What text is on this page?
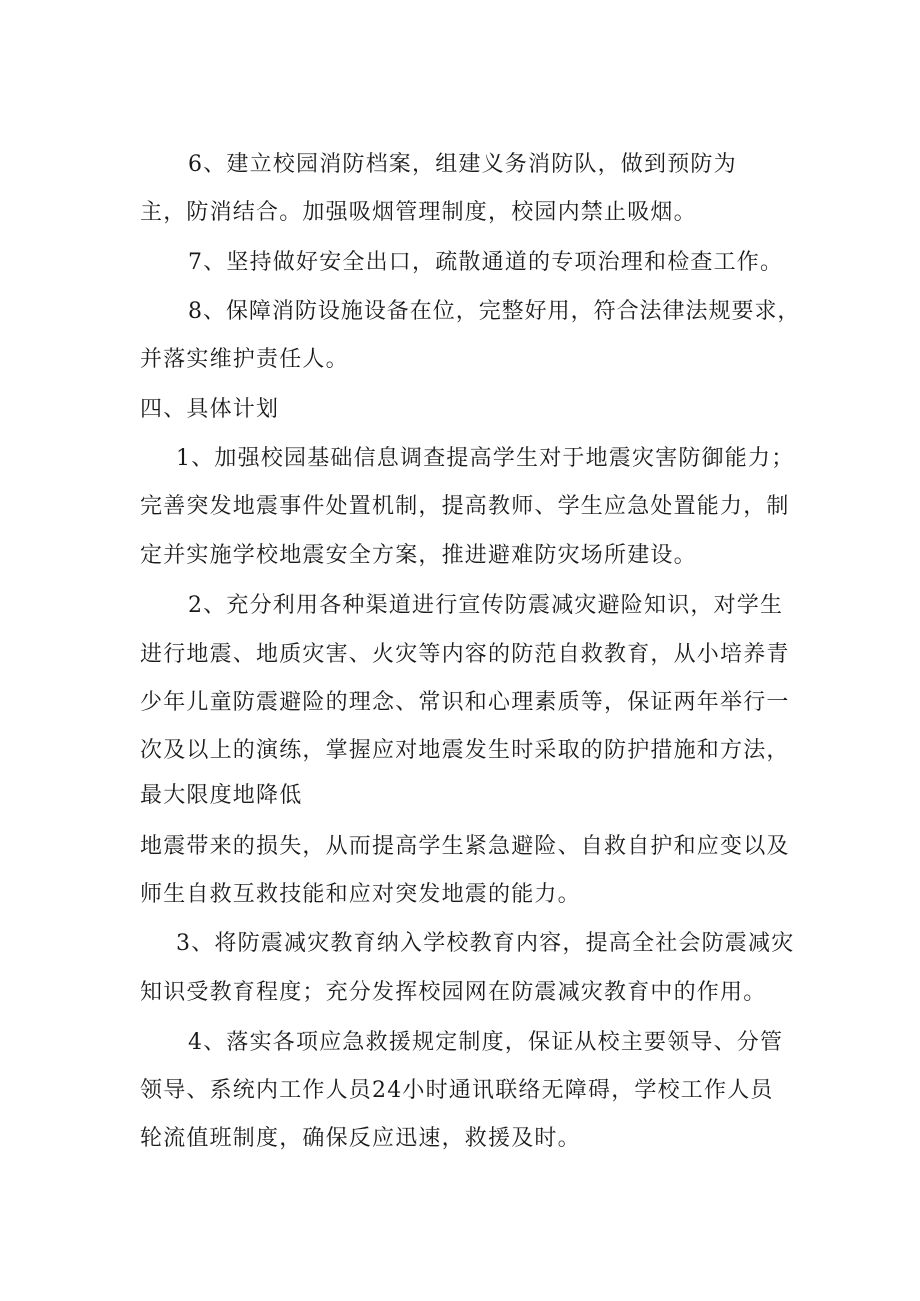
6、建立校园消防档案，组建义务消防队，做到预防为
主，防消结合。加强吸烟管理制度，校园内禁止吸烟。
7、坚持做好安全出口，疏散通道的专项治理和检查工作。
8、保障消防设施设备在位，完整好用，符合法律法规要求，
并落实维护责任人。
四、具体计划
1、加强校园基础信息调查提高学生对于地震灾害防御能力；
完善突发地震事件处置机制，提高教师、学生应急处置能力，制
定并实施学校地震安全方案，推进避难防灾场所建设。
2、充分利用各种渠道进行宣传防震减灾避险知识，对学生
进行地震、地质灾害、火灾等内容的防范自救教育，从小培养青
少年儿童防震避险的理念、常识和心理素质等，保证两年举行一
次及以上的演练，掌握应对地震发生时采取的防护措施和方法，
最大限度地降低
地震带来的损失，从而提高学生紧急避险、自救自护和应变以及
师生自救互救技能和应对突发地震的能力。
3、将防震减灾教育纳入学校教育内容，提高全社会防震减灾
知识受教育程度；充分发挥校园网在防震减灾教育中的作用。
4、落实各项应急救援规定制度，保证从校主要领导、分管
领导、系统内工作人员24小时通讯联络无障碍，学校工作人员
轮流值班制度，确保反应迅速，救援及时。
